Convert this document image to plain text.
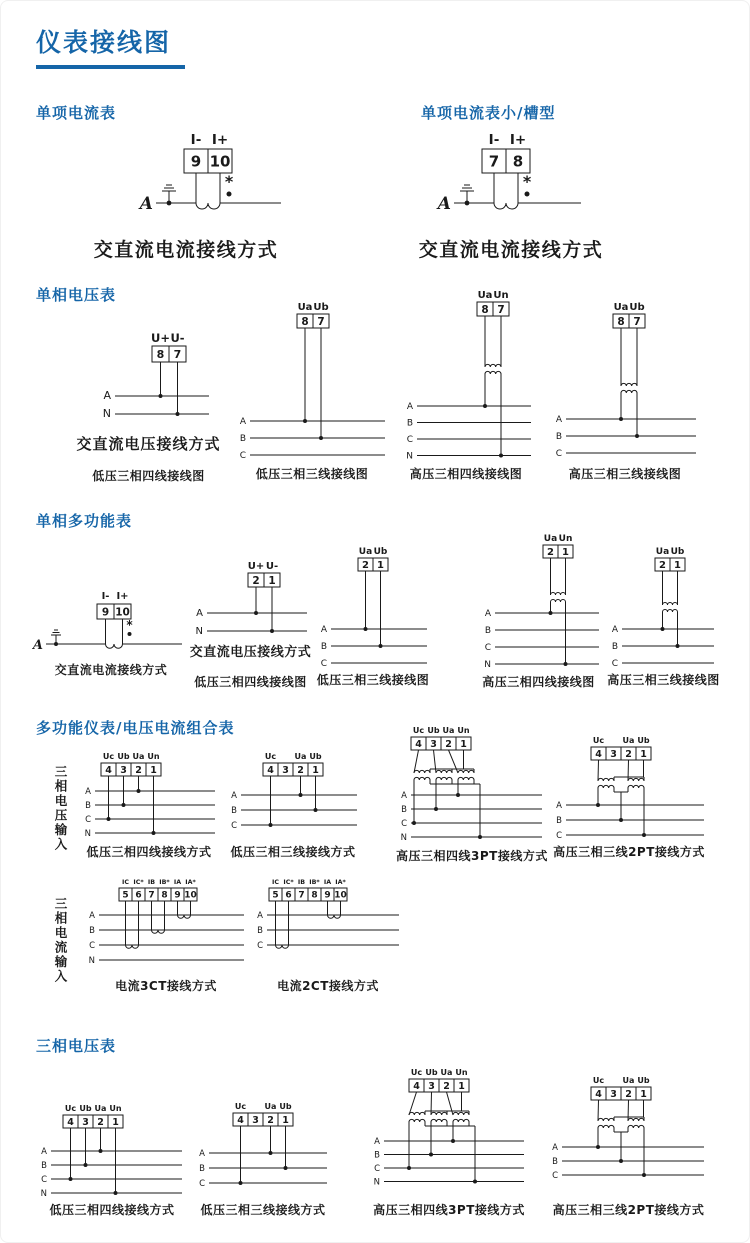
仪表接线图
单项电流表	单项电流表小/槽型
单相电压表
单相多功能表
多功能仪表/电压电流组合表
三相电压表
三相电压输入
三相电流输入
I- I+
9 10
*
A
交直流电流接线方式
I- I+
7 8
*
A
交直流电流接线方式
U+ U-
8 7
A
N
交直流电压接线方式
低压三相四线接线图
Ua Ub
8 7
A
B
C
低压三相三线接线图
Ua Un
8 7
A
B
C
N
高压三相四线接线图
Ua Ub
8 7
A
B
C
高压三相三线接线图
I- I+
9 10
*
A
交直流电流接线方式
U+ U-
2 1
A
N
交直流电压接线方式
低压三相四线接线图
Ua Ub
2 1
A
B
C
低压三相三线接线图
Ua Un
2 1
A
B
C
N
高压三相四线接线图
Ua Ub
2 1
A
B
C
高压三相三线接线图
Uc Ub Ua Un
4 3 2 1
A
B
C
N
低压三相四线接线方式
Uc Ua Ub
4 3 2 1
A
B
C
低压三相三线接线方式
Uc Ub Ua Un
4 3 2 1
A
B
C
N
高压三相四线3PT接线方式
Uc Ua Ub
4 3 2 1
A
B
C
高压三相三线2PT接线方式
IC IC* IB IB* IA IA*
5 6 7 8 9 10
A
B
C
N
电流3CT接线方式
IC IC* IB IB* IA IA*
5 6 7 8 9 10
A
B
C
电流2CT接线方式
Uc Ub Ua Un
4 3 2 1
A
B
C
N
低压三相四线接线方式
Uc Ua Ub
4 3 2 1
A
B
C
低压三相三线接线方式
Uc Ub Ua Un
4 3 2 1
A
B
C
N
高压三相四线3PT接线方式
Uc Ua Ub
4 3 2 1
A
B
C
高压三相三线2PT接线方式
